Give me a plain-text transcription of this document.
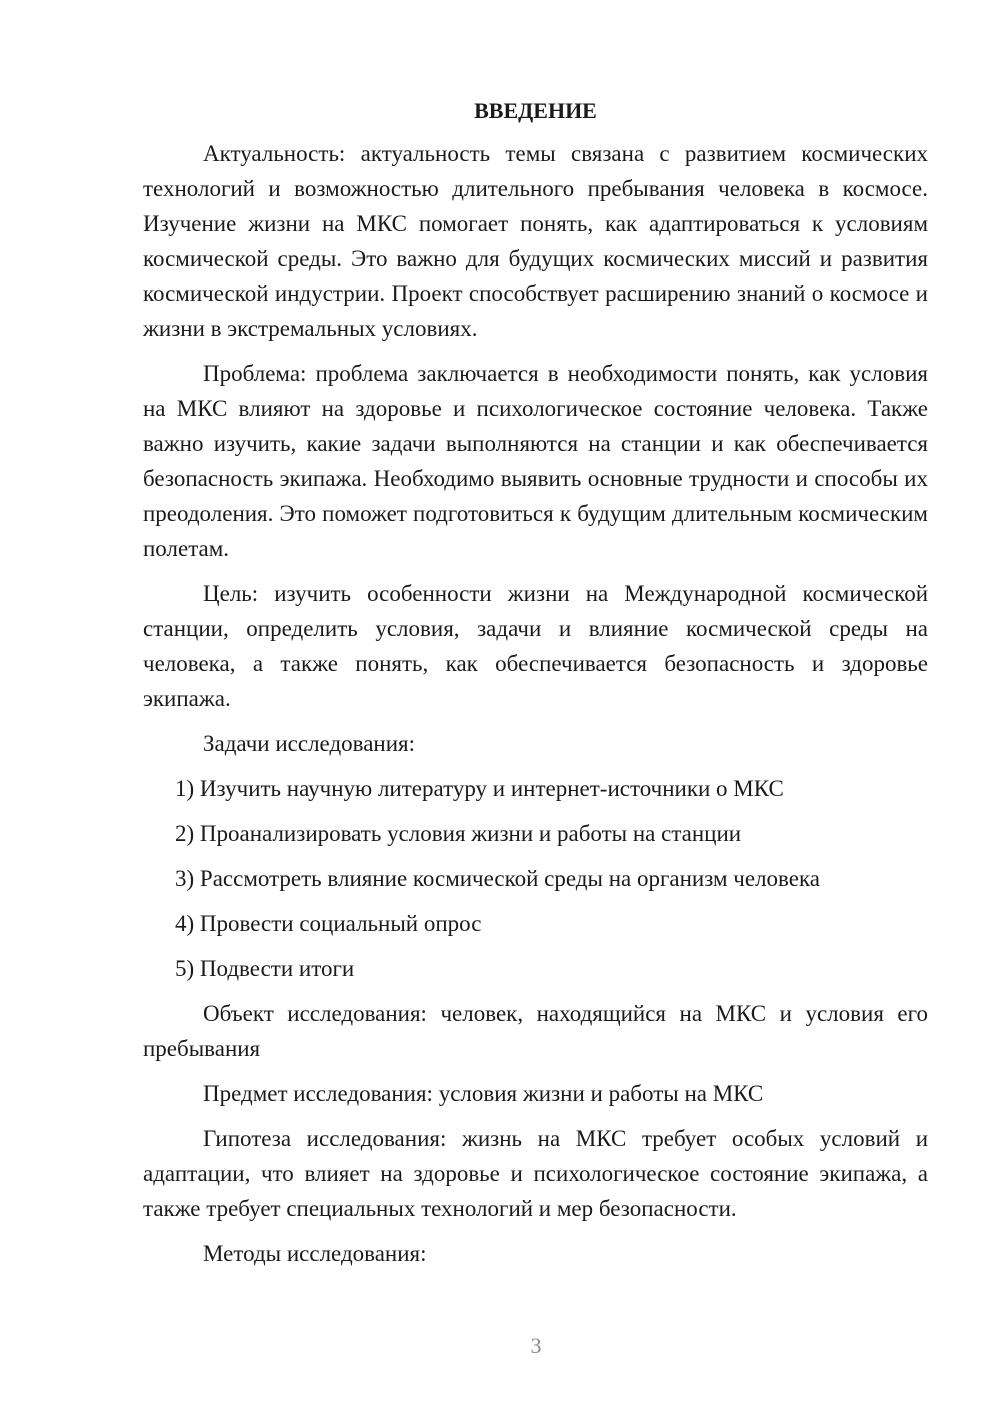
ВВЕДЕНИЕ

Актуальность: актуальность темы связана с развитием космических технологий и возможностью длительного пребывания человека в космосе. Изучение жизни на МКС помогает понять, как адаптироваться к условиям космической среды. Это важно для будущих космических миссий и развития космической индустрии. Проект способствует расширению знаний о космосе и жизни в экстремальных условиях.

Проблема: проблема заключается в необходимости понять, как условия на МКС влияют на здоровье и психологическое состояние человека. Также важно изучить, какие задачи выполняются на станции и как обеспечивается безопасность экипажа. Необходимо выявить основные трудности и способы их преодоления. Это поможет подготовиться к будущим длительным космическим полетам.

Цель: изучить особенности жизни на Международной космической станции, определить условия, задачи и влияние космической среды на человека, а также понять, как обеспечивается безопасность и здоровье экипажа.

Задачи исследования:

1) Изучить научную литературу и интернет-источники о МКС
2) Проанализировать условия жизни и работы на станции
3) Рассмотреть влияние космической среды на организм человека
4) Провести социальный опрос
5) Подвести итоги

Объект исследования: человек, находящийся на МКС и условия его пребывания

Предмет исследования: условия жизни и работы на МКС

Гипотеза исследования: жизнь на МКС требует особых условий и адаптации, что влияет на здоровье и психологическое состояние экипажа, а также требует специальных технологий и мер безопасности.

Методы исследования:

3
